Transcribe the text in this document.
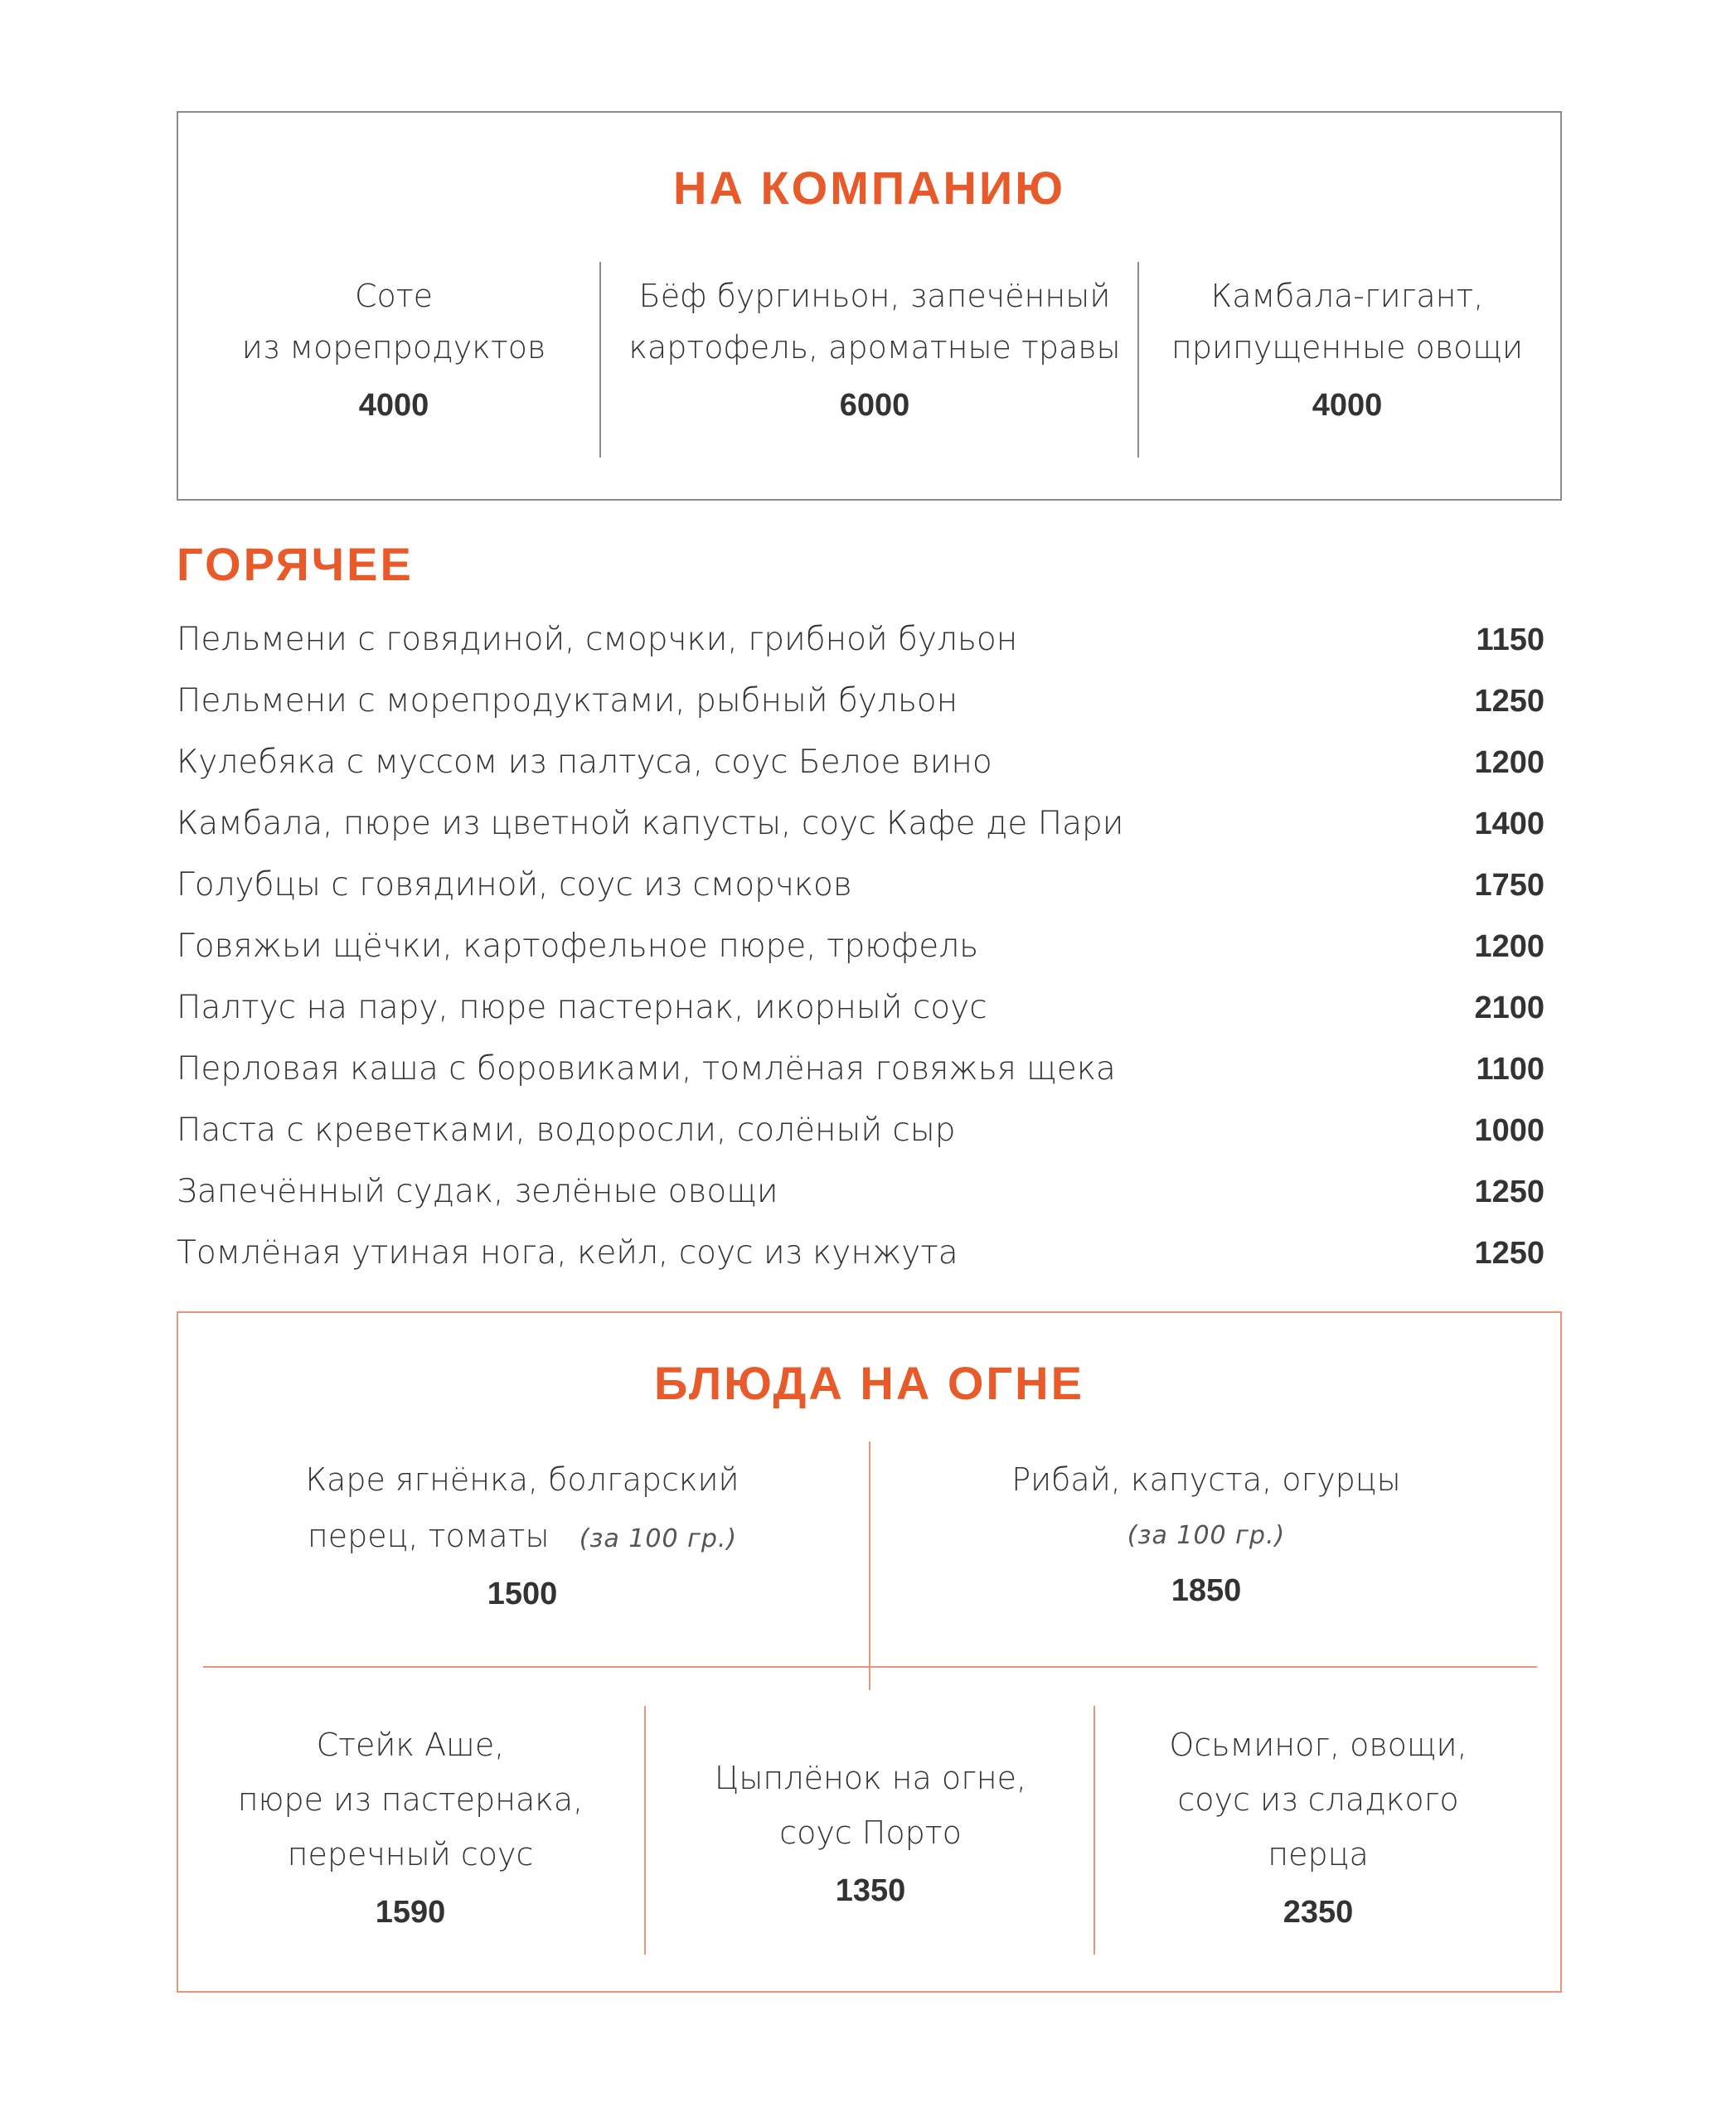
НА КОМПАНИЮ
Соте
из морепродуктов
4000
Бёф бургиньон, запечённый
картофель, ароматные травы
6000
Камбала-гигант,
припущенные овощи
4000
ГОРЯЧЕЕ
Пельмени с говядиной, сморчки, грибной бульон	1150
Пельмени с морепродуктами, рыбный бульон	1250
Кулебяка с муссом из палтуса, соус Белое вино	1200
Камбала, пюре из цветной капусты, соус Кафе де Пари	1400
Голубцы с говядиной, соус из сморчков	1750
Говяжьи щёчки, картофельное пюре, трюфель	1200
Палтус на пару, пюре пастернак, икорный соус	2100
Перловая каша с боровиками, томлёная говяжья щека	1100
Паста с креветками, водоросли, солёный сыр	1000
Запечённый судак, зелёные овощи	1250
Томлёная утиная нога, кейл, соус из кунжута	1250
БЛЮДА НА ОГНЕ
Каре ягнёнка, болгарский
перец, томаты (за 100 гр.)
1500
Рибай, капуста, огурцы
(за 100 гр.)
1850
Стейк Аше,
пюре из пастернака,
перечный соус
1590
Цыплёнок на огне,
соус Порто
1350
Осьминог, овощи,
соус из сладкого
перца
2350
